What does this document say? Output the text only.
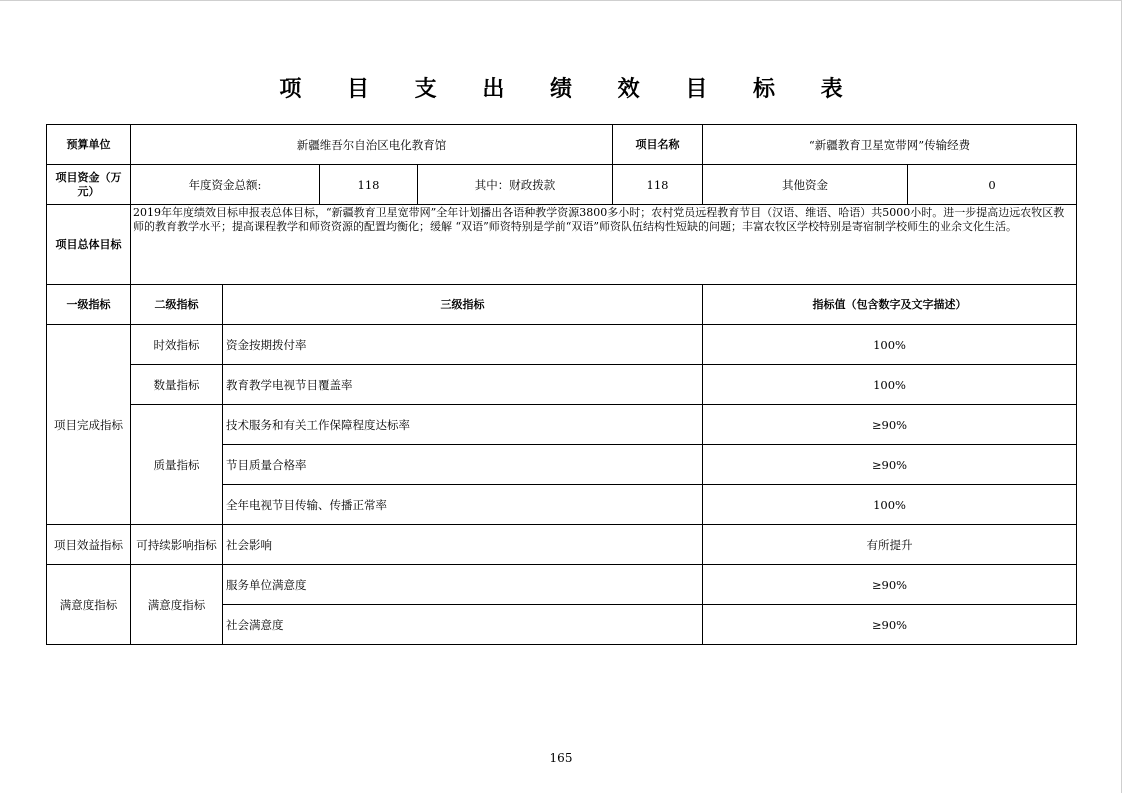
项 目 支 出 绩 效 目 标 表
预算单位	新疆维吾尔自治区电化教育馆				项目名称	“新疆教育卫星宽带网”传输经费	
项目资金（万元）	年度资金总额:		118	其中：财政拨款	118	其他资金	0
项目总体目标	2019年年度绩效目标申报表总体目标，“新疆教育卫星宽带网”全年计划播出各语种教学资源3800多小时；农村党员远程教育节目（汉语、维语、哈语）共5000小时。进一步提高边远农牧区教师的教育教学水平；提高课程教学和师资资源的配置均衡化；缓解 “双语”师资特别是学前“双语”师资队伍结构性短缺的问题；丰富农牧区学校特别是寄宿制学校师生的业余文化生活。						
一级指标	二级指标	三级指标				指标值（包含数字及文字描述）	
项目完成指标	时效指标	资金按期拨付率				100%	
	数量指标	教育教学电视节目覆盖率				100%	
	质量指标	技术服务和有关工作保障程度达标率				≥90%	
		节目质量合格率				≥90%	
		全年电视节目传输、传播正常率				100%	
项目效益指标	可持续影响指标	社会影响				有所提升	
满意度指标	满意度指标	服务单位满意度				≥90%	
		社会满意度				≥90%	
165
